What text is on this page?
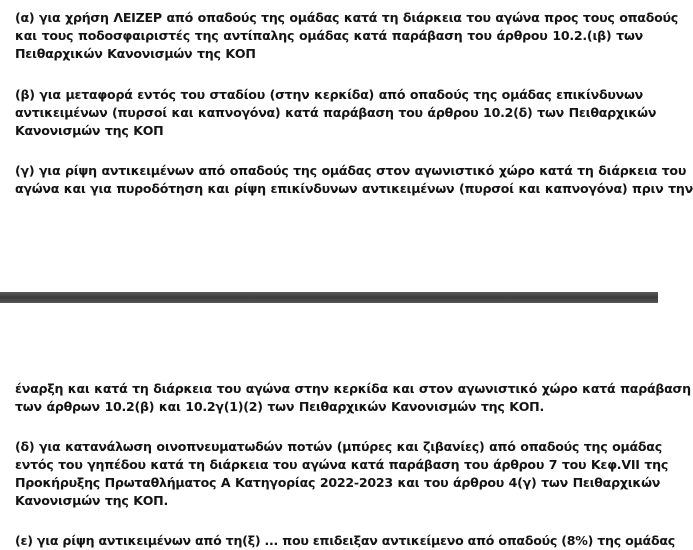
(α) για χρήση ΛΕΙΖΕΡ από οπαδούς της ομάδας κατά τη διάρκεια του αγώνα προς τους οπαδούς
και τους ποδοσφαιριστές της αντίπαλης ομάδας κατά παράβαση του άρθρου 10.2.(ιβ) των
Πειθαρχικών Κανονισμών της ΚΟΠ

(β) για μεταφορά εντός του σταδίου (στην κερκίδα) από οπαδούς της ομάδας επικίνδυνων
αντικειμένων (πυρσοί και καπνογόνα) κατά παράβαση του άρθρου 10.2(δ) των Πειθαρχικών
Κανονισμών της ΚΟΠ

(γ) για ρίψη αντικειμένων από οπαδούς της ομάδας στον αγωνιστικό χώρο κατά τη διάρκεια του
αγώνα και για πυροδότηση και ρίψη επικίνδυνων αντικειμένων (πυρσοί και καπνογόνα) πριν την

έναρξη και κατά τη διάρκεια του αγώνα στην κερκίδα και στον αγωνιστικό χώρο κατά παράβαση
των άρθρων 10.2(β) και 10.2γ(1)(2) των Πειθαρχικών Κανονισμών της ΚΟΠ.

(δ) για κατανάλωση οινοπνευματωδών ποτών (μπύρες και ζιβανίες) από οπαδούς της ομάδας
εντός του γηπέδου κατά τη διάρκεια του αγώνα κατά παράβαση του άρθρου 7 του Κεφ.VII της
Προκήρυξης Πρωταθλήματος Α Κατηγορίας 2022-2023 και του άρθρου 4(γ) των Πειθαρχικών
Κανονισμών της ΚΟΠ.

(ε) για ρίψη αντικειμένων από τη(ξ) ... που επιδειξαν αντικείμενο από οπαδούς (8%) της ομάδας
